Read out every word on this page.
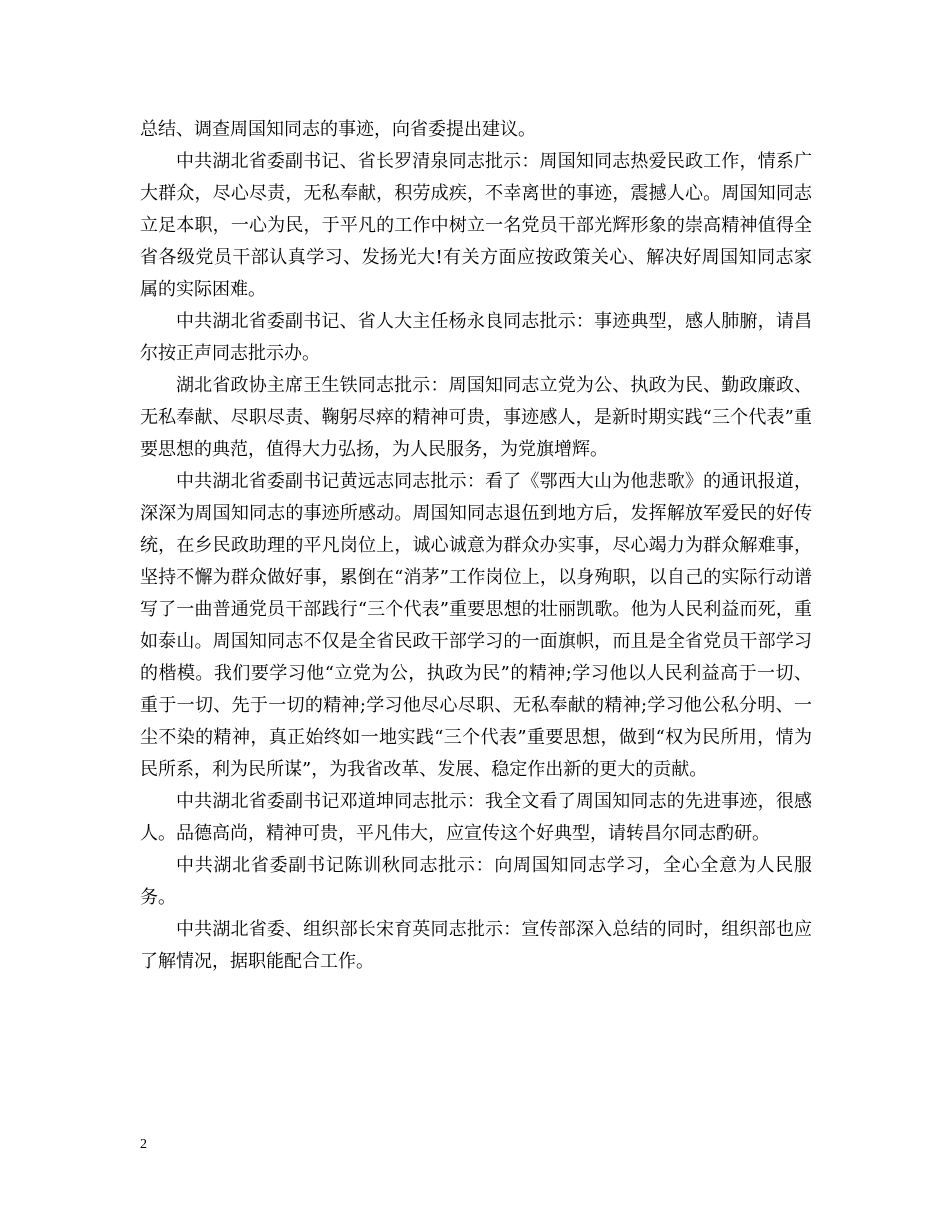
总结、调查周国知同志的事迹，向省委提出建议。

中共湖北省委副书记、省长罗清泉同志批示：周国知同志热爱民政工作，情系广大群众，尽心尽责，无私奉献，积劳成疾，不幸离世的事迹，震撼人心。周国知同志立足本职，一心为民，于平凡的工作中树立一名党员干部光辉形象的崇高精神值得全省各级党员干部认真学习、发扬光大!有关方面应按政策关心、解决好周国知同志家属的实际困难。

中共湖北省委副书记、省人大主任杨永良同志批示：事迹典型，感人肺腑，请昌尔按正声同志批示办。

湖北省政协主席王生铁同志批示：周国知同志立党为公、执政为民、勤政廉政、无私奉献、尽职尽责、鞠躬尽瘁的精神可贵，事迹感人，是新时期实践“三个代表”重要思想的典范，值得大力弘扬，为人民服务，为党旗增辉。

中共湖北省委副书记黄远志同志批示：看了《鄂西大山为他悲歌》的通讯报道，深深为周国知同志的事迹所感动。周国知同志退伍到地方后，发挥解放军爱民的好传统，在乡民政助理的平凡岗位上，诚心诚意为群众办实事，尽心竭力为群众解难事，坚持不懈为群众做好事，累倒在“消茅”工作岗位上，以身殉职，以自己的实际行动谱写了一曲普通党员干部践行“三个代表”重要思想的壮丽凯歌。他为人民利益而死，重如泰山。周国知同志不仅是全省民政干部学习的一面旗帜，而且是全省党员干部学习的楷模。我们要学习他“立党为公，执政为民”的精神;学习他以人民利益高于一切、重于一切、先于一切的精神;学习他尽心尽职、无私奉献的精神;学习他公私分明、一尘不染的精神，真正始终如一地实践“三个代表”重要思想，做到“权为民所用，情为民所系，利为民所谋”，为我省改革、发展、稳定作出新的更大的贡献。

中共湖北省委副书记邓道坤同志批示：我全文看了周国知同志的先进事迹，很感人。品德高尚，精神可贵，平凡伟大，应宣传这个好典型，请转昌尔同志酌研。

中共湖北省委副书记陈训秋同志批示：向周国知同志学习，全心全意为人民服务。

中共湖北省委、组织部长宋育英同志批示：宣传部深入总结的同时，组织部也应了解情况，据职能配合工作。

2
